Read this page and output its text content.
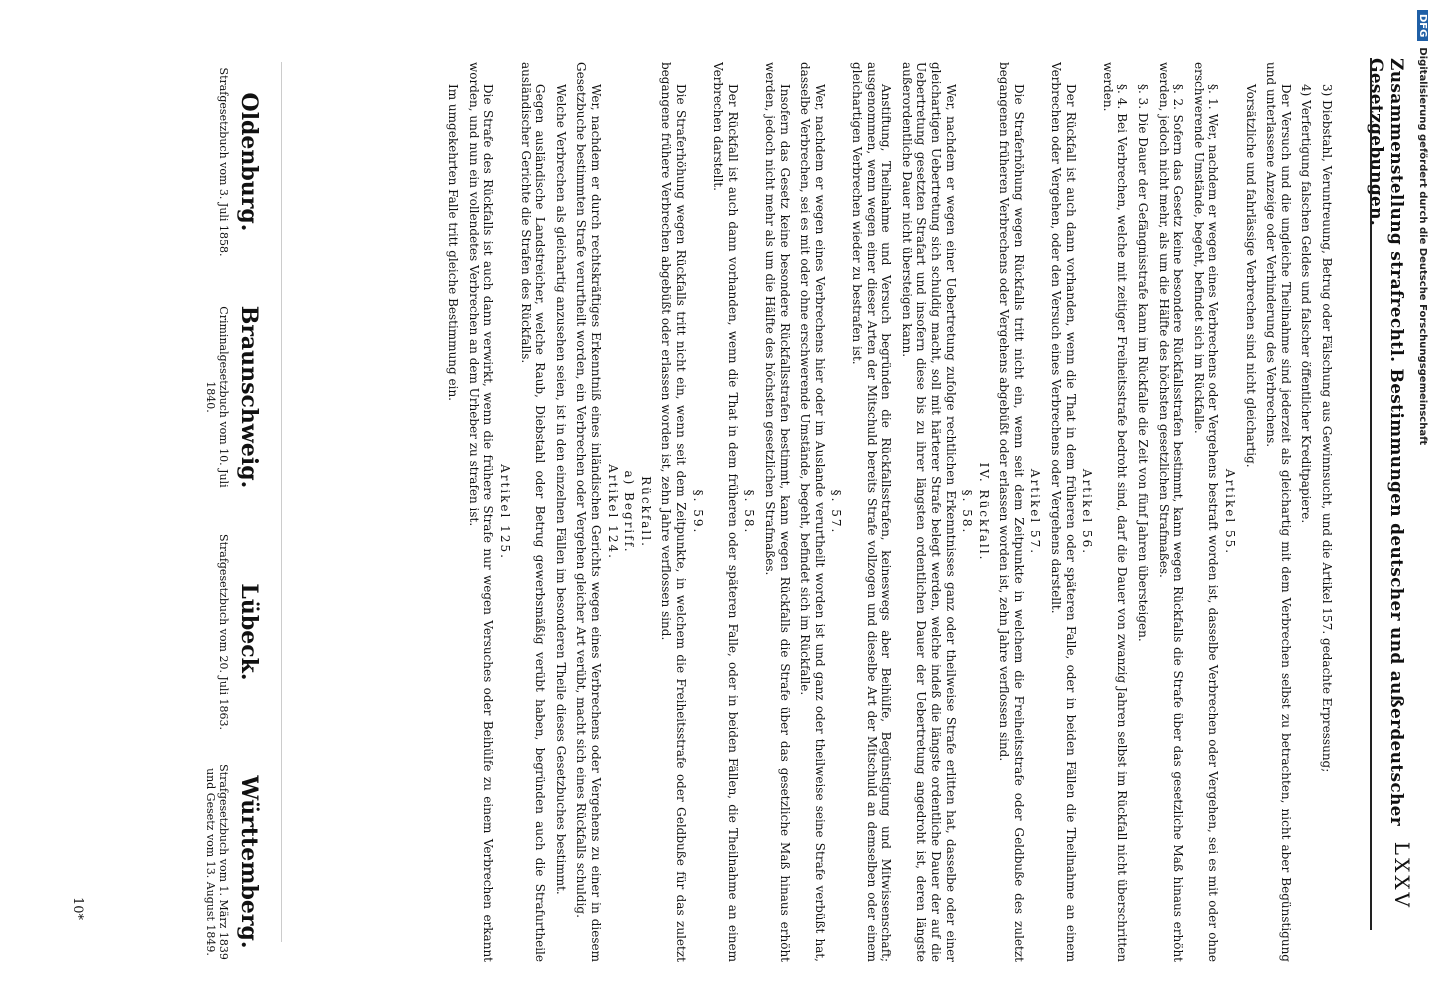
Zusammenstellung strafrechtl. Bestimmungen deutscher und außerdeutscher Gesetzgebungen.
LXXV

3) Diebstahl, Veruntreuung, Betrug oder Fälschung aus Gewinnsucht, und die Artikel 157. gedachte Erpressung;

4) Verfertigung falschen Geldes und falscher öffentlicher Kreditpapiere.

Der Versuch und die ungleiche Theilnahme sind jederzeit als gleichartig mit dem Verbrechen selbst zu betrachten, nicht aber Begünstigung und unterlassene Anzeige oder Verhinderung des Verbrechens.

Vorsätzliche und fahrlässige Verbrechen sind nicht gleichartig.

Artikel 55.

§. 1. Wer, nachdem er wegen eines Verbrechens oder Vergehens bestraft worden ist, dasselbe Verbrechen oder Vergehen, sei es mit oder ohne erschwerende Umstände, begeht, befindet sich im Rückfalle.

§. 2. Sofern das Gesetz keine besondere Rückfallsstrafen bestimmt, kann wegen Rückfalls die Strafe über das gesetzliche Maß hinaus erhöht werden, jedoch nicht mehr, als um die Hälfte des höchsten gesetzlichen Strafmaßes.

§. 3. Die Dauer der Gefängnisstrafe kann im Rückfalle die Zeit von fünf Jahren übersteigen.

§. 4. Bei Verbrechen, welche mit zeitiger Freiheitsstrafe bedroht sind, darf die Dauer von zwanzig Jahren selbst im Rückfall nicht überschritten werden.

Artikel 56.

Der Rückfall ist auch dann vorhanden, wenn die That in dem früheren oder späteren Falle, oder in beiden Fällen die Theilnahme an einem Verbrechen oder Vergehen, oder den Versuch eines Verbrechens oder Vergehens darstellt.

Artikel 57.

Die Straferhöhung wegen Rückfalls tritt nicht ein, wenn seit dem Zeitpunkte in welchem die Freiheitsstrafe oder Geldbuße des zuletzt begangenen früheren Verbrechens oder Vergehens abgebüßt oder erlassen worden ist, zehn Jahre verflossen sind.

IV. Rückfall.
§. 58.

Wer, nachdem er wegen einer Uebertretung zufolge rechtlichen Erkenntnisses ganz oder theilweise Strafe erlitten hat, dasselbe oder einer gleichartigen Uebertretung sich schuldig macht, soll mit härterer Strafe belegt werden, welche indeß die längste ordentliche Dauer der auf die Uebertretung gesetzten Strafart und insofern diese bis zu ihrer längsten ordentlichen Dauer der Uebertretung angedroht ist, deren längste außerordentliche Dauer nicht übersteigen kann.

Anstiftung, Theilnahme und Versuch begründen die Rückfallsstrafen, keineswegs aber Beihülfe, Begünstigung und Mitwissenschaft; ausgenommen, wenn wegen einer dieser Arten der Mitschuld bereits Strafe vollzogen und dieselbe Art der Mitschuld an demselben oder einem gleichartigen Verbrechen wieder zu bestrafen ist.

§. 57.

Wer, nachdem er wegen eines Verbrechens hier oder im Auslande verurtheilt worden ist und ganz oder theilweise seine Strafe verbüßt hat, dasselbe Verbrechen, sei es mit oder ohne erschwerende Umstände, begeht, befindet sich im Rückfalle.

Insofern das Gesetz keine besondere Rückfallsstrafen bestimmt, kann wegen Rückfalls die Strafe über das gesetzliche Maß hinaus erhöht werden, jedoch nicht mehr als um die Hälfte des höchsten gesetzlichen Strafmaßes.

§. 58.

Der Rückfall ist auch dann vorhanden, wenn die That in dem früheren oder späteren Falle, oder in beiden Fällen, die Theilnahme an einem Verbrechen darstellt.

§. 59.

Die Straferhöhung wegen Rückfalls tritt nicht ein, wenn seit dem Zeitpunkte, in welchem die Freiheitsstrafe oder Geldbuße für das zuletzt begangene frühere Verbrechen abgebüßt oder erlassen worden ist, zehn Jahre verflossen sind.

Rückfall.
a) Begriff.
Artikel 124.

Wer, nachdem er durch rechtskräftiges Erkenntniß eines inländischen Gerichts wegen eines Verbrechens oder Vergehens zu einer in diesem Gesetzbuche bestimmten Strafe verurtheilt worden, ein Verbrechen oder Vergehen gleicher Art verübt, macht sich eines Rückfalls schuldig.

Welche Verbrechen als gleichartig anzusehen seien, ist in den einzelnen Fällen im besonderen Theile dieses Gesetzbuches bestimmt.

Gegen ausländische Landstreicher, welche Raub, Diebstahl oder Betrug gewerbsmäßig verübt haben, begründen auch die Strafurtheile ausländischer Gerichte die Strafen des Rückfalls.

Artikel 125.

Die Strafe des Rückfalls ist auch dann verwirkt, wenn die frühere Strafe nur wegen Versuches oder Beihülfe zu einem Verbrechen erkannt worden, und nun ein vollendetes Verbrechen an dem Urheber zu strafen ist.

Im umgekehrten Falle tritt gleiche Bestimmung ein.

Oldenburg.
Strafgesetzbuch vom 3. Juli 1858.
Braunschweig.
Criminalgesetzbuch vom 10. Juli 1840.
Lübeck.
Strafgesetzbuch vom 20. Juli 1863.
Württemberg.
Strafgesetzbuch vom 1. März 1839 und Gesetz vom 13. August 1849.
10*
DFGDigitalisierung gefördert durch die Deutsche Forschungsgemeinschaft
